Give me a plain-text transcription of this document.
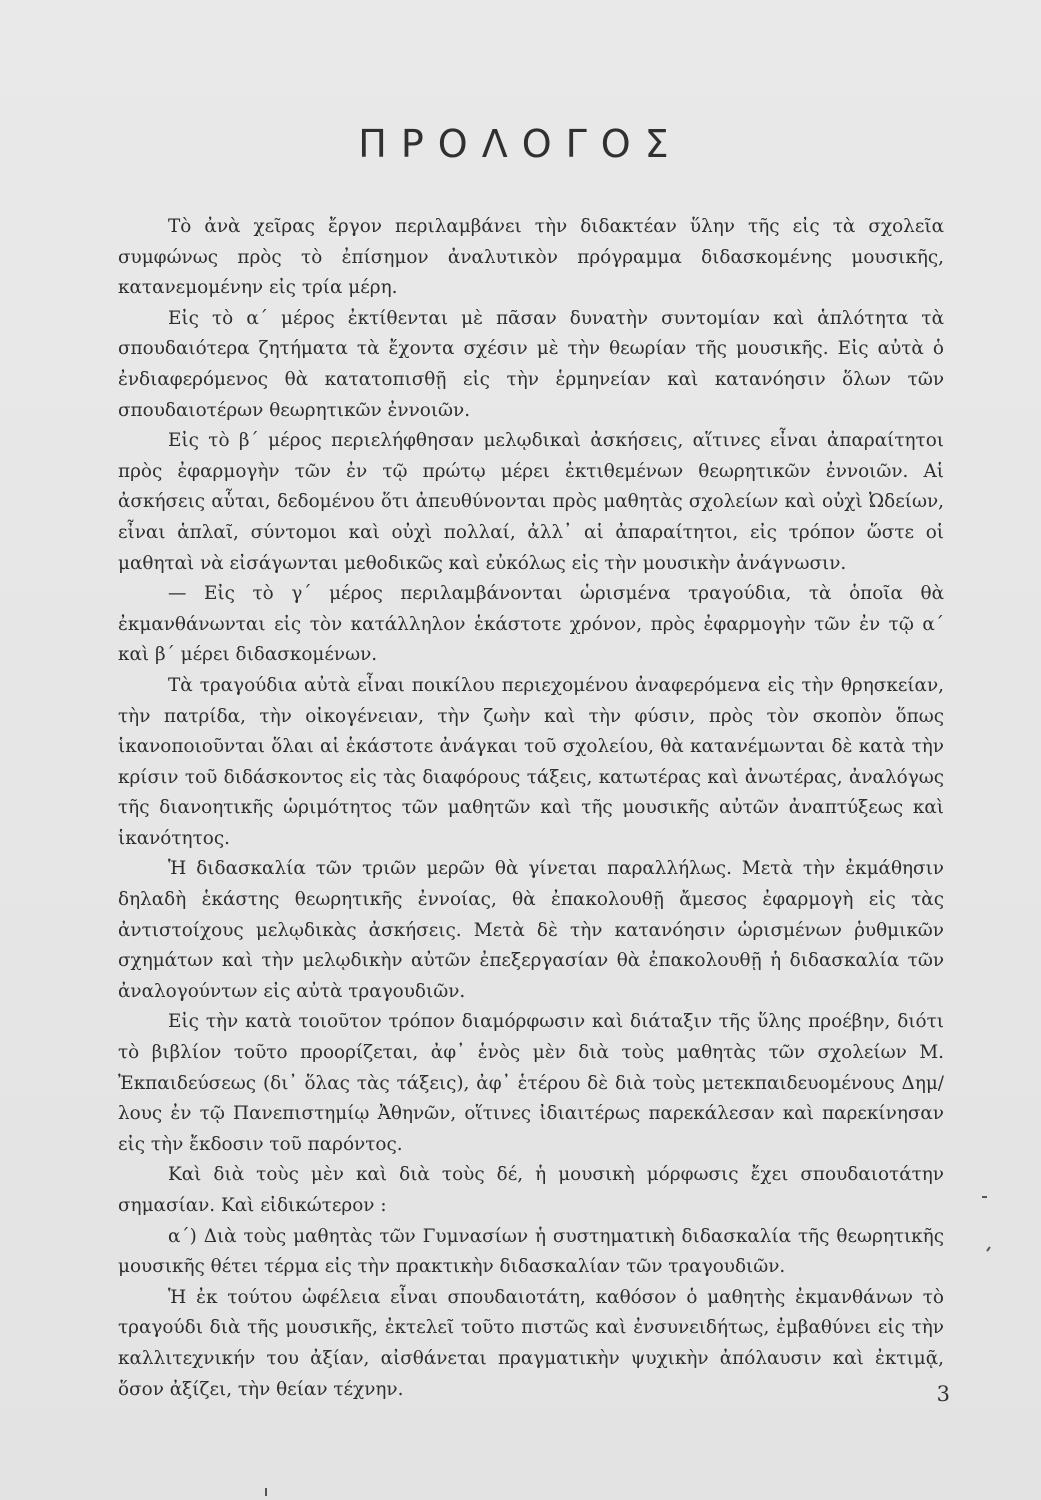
ΠΡΟΛΟΓΟΣ

Τὸ ἀνὰ χεῖρας ἔργον περιλαμβάνει τὴν διδακτέαν ὕλην τῆς εἰς τὰ σχολεῖα συμφώνως πρὸς τὸ ἐπίσημον ἀναλυτικὸν πρόγραμμα διδασκομένης μουσικῆς, κατανεμομένην εἰς τρία μέρη.

Εἰς τὸ α΄ μέρος ἐκτίθενται μὲ πᾶσαν δυνατὴν συντομίαν καὶ ἁπλότητα τὰ σπουδαιότερα ζητήματα τὰ ἔχοντα σχέσιν μὲ τὴν θεωρίαν τῆς μουσικῆς. Εἰς αὐτὰ ὁ ἐνδιαφερόμενος θὰ κατατοπισθῇ εἰς τὴν ἑρμηνείαν καὶ κατανόησιν ὅλων τῶν σπουδαιοτέρων θεωρητικῶν ἐννοιῶν.

Εἰς τὸ β΄ μέρος περιελήφθησαν μελῳδικαὶ ἀσκήσεις, αἵτινες εἶναι ἀπαραίτητοι πρὸς ἐφαρμογὴν τῶν ἐν τῷ πρώτῳ μέρει ἐκτιθεμένων θεωρητικῶν ἐννοιῶν. Αἱ ἀσκήσεις αὗται, δεδομένου ὅτι ἀπευθύνονται πρὸς μαθητὰς σχολείων καὶ οὐχὶ Ὠδείων, εἶναι ἁπλαῖ, σύντομοι καὶ οὐχὶ πολλαί, ἀλλ᾽ αἱ ἀπαραίτητοι, εἰς τρόπον ὥστε οἱ μαθηταὶ νὰ εἰσάγωνται μεθοδικῶς καὶ εὐκόλως εἰς τὴν μουσικὴν ἀνάγνωσιν.

— Εἰς τὸ γ΄ μέρος περιλαμβάνονται ὡρισμένα τραγούδια, τὰ ὁποῖα θὰ ἐκμανθάνωνται εἰς τὸν κατάλληλον ἑκάστοτε χρόνον, πρὸς ἐφαρμογὴν τῶν ἐν τῷ α΄ καὶ β΄ μέρει διδασκομένων.

Τὰ τραγούδια αὐτὰ εἶναι ποικίλου περιεχομένου ἀναφερόμενα εἰς τὴν θρησκείαν, τὴν πατρίδα, τὴν οἰκογένειαν, τὴν ζωὴν καὶ τὴν φύσιν, πρὸς τὸν σκοπὸν ὅπως ἱκανοποιοῦνται ὅλαι αἱ ἑκάστοτε ἀνάγκαι τοῦ σχολείου, θὰ κατανέμωνται δὲ κατὰ τὴν κρίσιν τοῦ διδάσκοντος εἰς τὰς διαφόρους τάξεις, κατωτέρας καὶ ἀνωτέρας, ἀναλόγως τῆς διανοητικῆς ὡριμότητος τῶν μαθητῶν καὶ τῆς μουσικῆς αὐτῶν ἀναπτύξεως καὶ ἱκανότητος.

Ἡ διδασκαλία τῶν τριῶν μερῶν θὰ γίνεται παραλλήλως. Μετὰ τὴν ἐκμάθησιν δηλαδὴ ἑκάστης θεωρητικῆς ἐννοίας, θὰ ἐπακολουθῇ ἄμεσος ἐφαρμογὴ εἰς τὰς ἀντιστοίχους μελῳδικὰς ἀσκήσεις. Μετὰ δὲ τὴν κατανόησιν ὡρισμένων ῥυθμικῶν σχημάτων καὶ τὴν μελῳδικὴν αὐτῶν ἐπεξεργασίαν θὰ ἐπακολουθῇ ἡ διδασκαλία τῶν ἀναλογούντων εἰς αὐτὰ τραγουδιῶν.

Εἰς τὴν κατὰ τοιοῦτον τρόπον διαμόρφωσιν καὶ διάταξιν τῆς ὕλης προέβην, διότι τὸ βιβλίον τοῦτο προορίζεται, ἀφ᾽ ἑνὸς μὲν διὰ τοὺς μαθητὰς τῶν σχολείων Μ. Ἐκπαιδεύσεως (δι᾽ ὅλας τὰς τάξεις), ἀφ᾽ ἑτέρου δὲ διὰ τοὺς μετεκπαιδευομένους Δημ/λους ἐν τῷ Πανεπιστημίῳ Ἀθηνῶν, οἵτινες ἰδιαιτέρως παρεκάλεσαν καὶ παρεκίνησαν εἰς τὴν ἔκδοσιν τοῦ παρόντος.

Καὶ διὰ τοὺς μὲν καὶ διὰ τοὺς δέ, ἡ μουσικὴ μόρφωσις ἔχει σπουδαιοτάτην σημασίαν. Καὶ εἰδικώτερον :

α΄) Διὰ τοὺς μαθητὰς τῶν Γυμνασίων ἡ συστηματικὴ διδασκαλία τῆς θεωρητικῆς μουσικῆς θέτει τέρμα εἰς τὴν πρακτικὴν διδασκαλίαν τῶν τραγουδιῶν.

Ἡ ἐκ τούτου ὠφέλεια εἶναι σπουδαιοτάτη, καθόσον ὁ μαθητὴς ἐκμανθάνων τὸ τραγούδι διὰ τῆς μουσικῆς, ἐκτελεῖ τοῦτο πιστῶς καὶ ἐνσυνειδήτως, ἐμβαθύνει εἰς τὴν καλλιτεχνικήν του ἀξίαν, αἰσθάνεται πραγματικὴν ψυχικὴν ἀπόλαυσιν καὶ ἐκτιμᾷ, ὅσον ἀξίζει, τὴν θείαν τέχνην.	3
